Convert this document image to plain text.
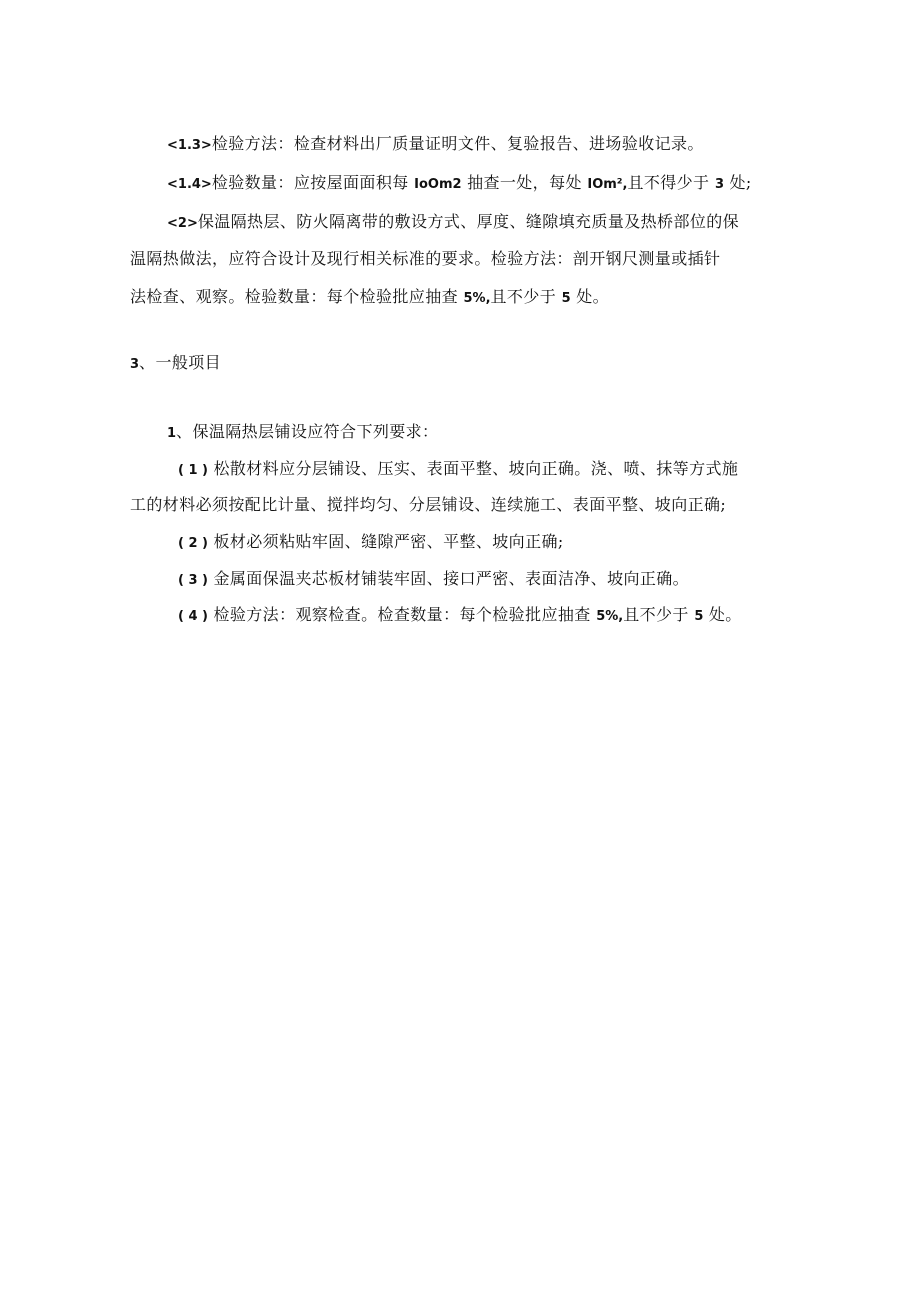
<1.3>检验方法：检查材料出厂质量证明文件、复验报告、进场验收记录。
<1.4>检验数量：应按屋面面积每 IoOm2 抽查一处，每处 IOm²,且不得少于 3 处;
<2>保温隔热层、防火隔离带的敷设方式、厚度、缝隙填充质量及热桥部位的保
温隔热做法，应符合设计及现行相关标准的要求。检验方法：剖开钢尺测量或插针
法检查、观察。检验数量：每个检验批应抽查 5%,且不少于 5 处。
3、一般项目
1、保温隔热层铺设应符合下列要求：
( 1 ) 松散材料应分层铺设、压实、表面平整、坡向正确。浇、喷、抹等方式施
工的材料必须按配比计量、搅拌均匀、分层铺设、连续施工、表面平整、坡向正确;
( 2 ) 板材必须粘贴牢固、缝隙严密、平整、坡向正确;
( 3 ) 金属面保温夹芯板材铺装牢固、接口严密、表面洁净、坡向正确。
( 4 ) 检验方法：观察检查。检查数量：每个检验批应抽查 5%,且不少于 5 处。
